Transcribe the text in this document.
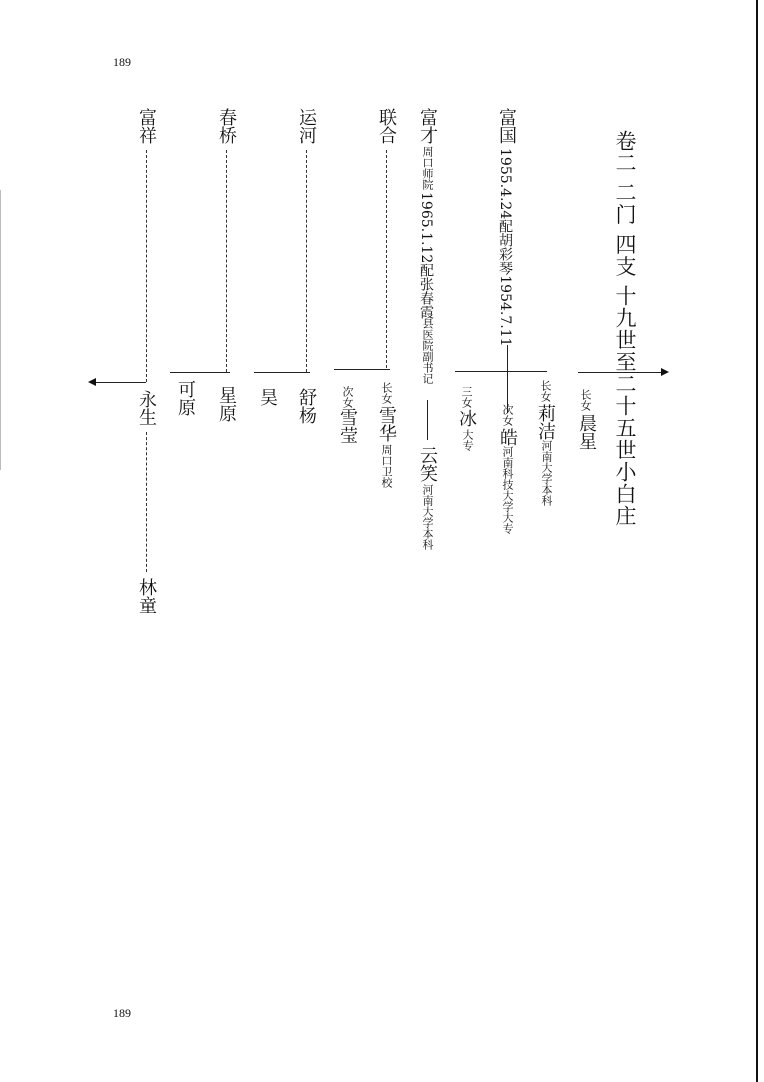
189
189
卷二 二门 四支 十九世至二十五世小白庄
长女
晨星
富国
1955.4.24配胡彩琴1954.7.11
长女
莉洁
河南大学本科
次女
皓
河南科技大学大专
三女
冰
大专
富才
周口师院
1965.1.12配张春霞
县医院副书记
云笑
河南大学本科
联合
长女
雪华
周口卫校
次女
雪莹
运河
舒杨
昊
春桥
星原
可原
富祥
永生
林童
